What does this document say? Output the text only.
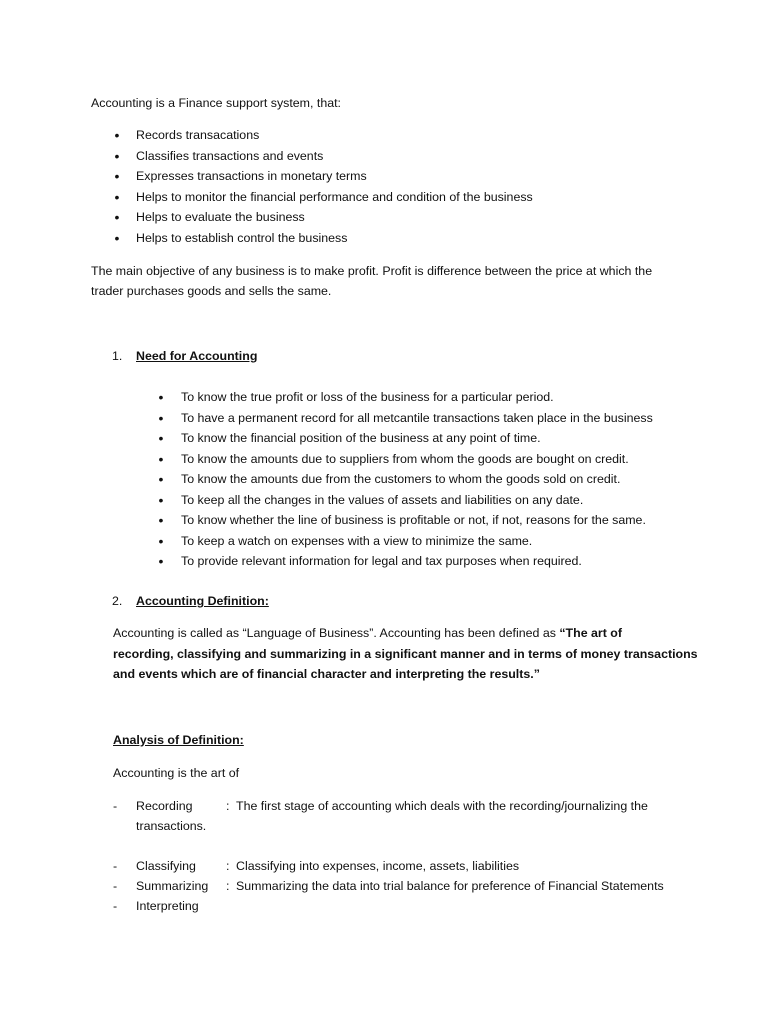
Accounting is a Finance support system, that:
• Records transacations
• Classifies transactions and events
• Expresses transactions in monetary terms
• Helps to monitor the financial performance and condition of the business
• Helps to evaluate the business
• Helps to establish control the business
The main objective of any business is to make profit. Profit is difference between the price at which the
trader purchases goods and sells the same.
1. Need for Accounting
• To know the true profit or loss of the business for a particular period.
• To have a permanent record for all metcantile transactions taken place in the business
• To know the financial position of the business at any point of time.
• To know the amounts due to suppliers from whom the goods are bought on credit.
• To know the amounts due from the customers to whom the goods sold on credit.
• To keep all the changes in the values of assets and liabilities on any date.
• To know whether the line of business is profitable or not, if not, reasons for the same.
• To keep a watch on expenses with a view to minimize the same.
• To provide relevant information for legal and tax purposes when required.
2. Accounting Definition:
Accounting is called as “Language of Business”. Accounting has been defined as “The art of
recording, classifying and summarizing in a significant manner and in terms of money transactions
and events which are of financial character and interpreting the results.”
Analysis of Definition:
Accounting is the art of
- Recording	: The first stage of accounting which deals with the recording/journalizing the
transactions.
- Classifying : Classifying into expenses, income, assets, liabilities
- Summarizing : Summarizing the data into trial balance for preference of Financial Statements
- Interpreting
